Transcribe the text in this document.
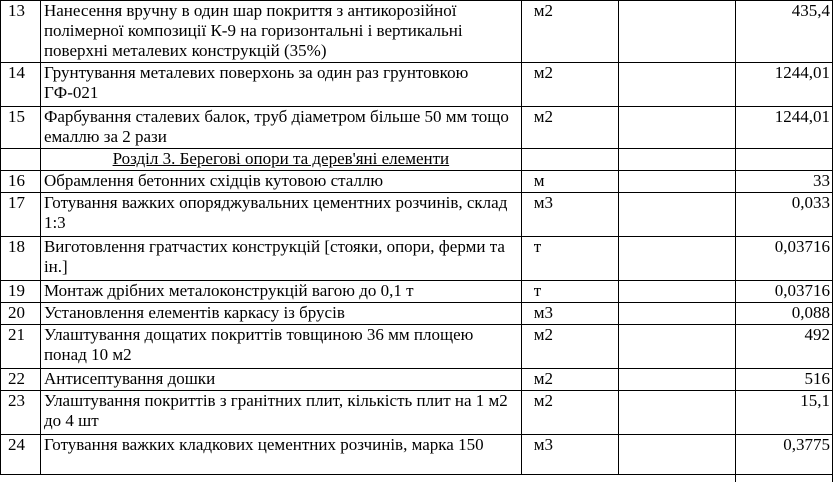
13	Нанесення вручну в один шар покриття з антикорозійної полімерної композиції К-9 на горизонтальні і вертикальні поверхні металевих конструкцій (35%)	м2	435,4
14	Грунтування металевих поверхонь за один раз грунтовкою ГФ-021	м2	1244,01
15	Фарбування сталевих балок, труб діаметром більше 50 мм тощо емаллю за 2 рази	м2	1244,01
	Розділ 3. Берегові опори та дерев'яні елементи		
16	Обрамлення бетонних східців кутовою сталлю	м	33
17	Готування важких опоряджувальних цементних розчинів, склад 1:3	м3	0,033
18	Виготовлення гратчастих конструкцій [стояки, опори, ферми та ін.]	т	0,03716
19	Монтаж дрібних металоконструкцій вагою до 0,1 т	т	0,03716
20	Установлення елементів каркасу із брусів	м3	0,088
21	Улаштування дощатих покриттів товщиною 36 мм площею понад 10 м2	м2	492
22	Антисептування дошки	м2	516
23	Улаштування покриттів з гранітних плит, кількість плит на 1 м2 до 4 шт	м2	15,1
24	Готування важких кладкових цементних розчинів, марка 150	м3	0,3775
